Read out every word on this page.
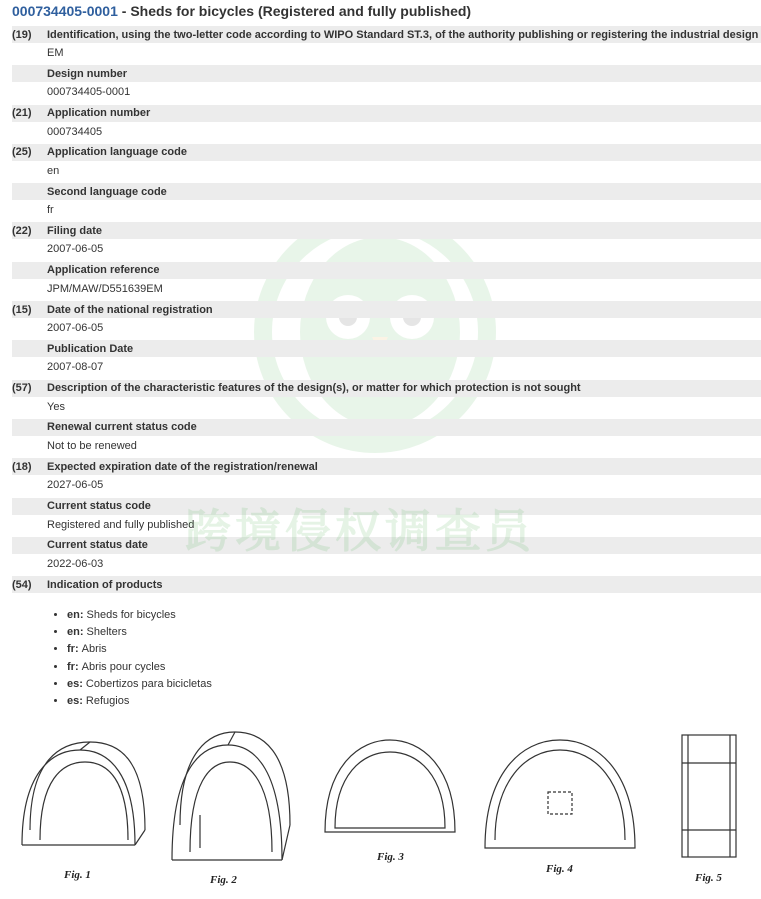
000734405-0001 - Sheds for bicycles (Registered and fully published)
(19)	Identification, using the two-letter code according to WIPO Standard ST.3, of the authority publishing or registering the industrial design
EM
Design number
000734405-0001
(21)	Application number
000734405
(25)	Application language code
en
Second language code
fr
(22)	Filing date
2007-06-05
Application reference
JPM/MAW/D551639EM
(15)	Date of the national registration
2007-06-05
Publication Date
2007-08-07
(57)	Description of the characteristic features of the design(s), or matter for which protection is not sought
Yes
Renewal current status code
Not to be renewed
(18)	Expected expiration date of the registration/renewal
2027-06-05
Current status code
Registered and fully published
Current status date
2022-06-03
(54)	Indication of products
• en: Sheds for bicycles
• en: Shelters
• fr: Abris
• fr: Abris pour cycles
• es: Cobertizos para bicicletas
• es: Refugios
跨境侵权调查员
Fig. 1	Fig. 2
Fig. 3
Fig. 4
Fig. 5
